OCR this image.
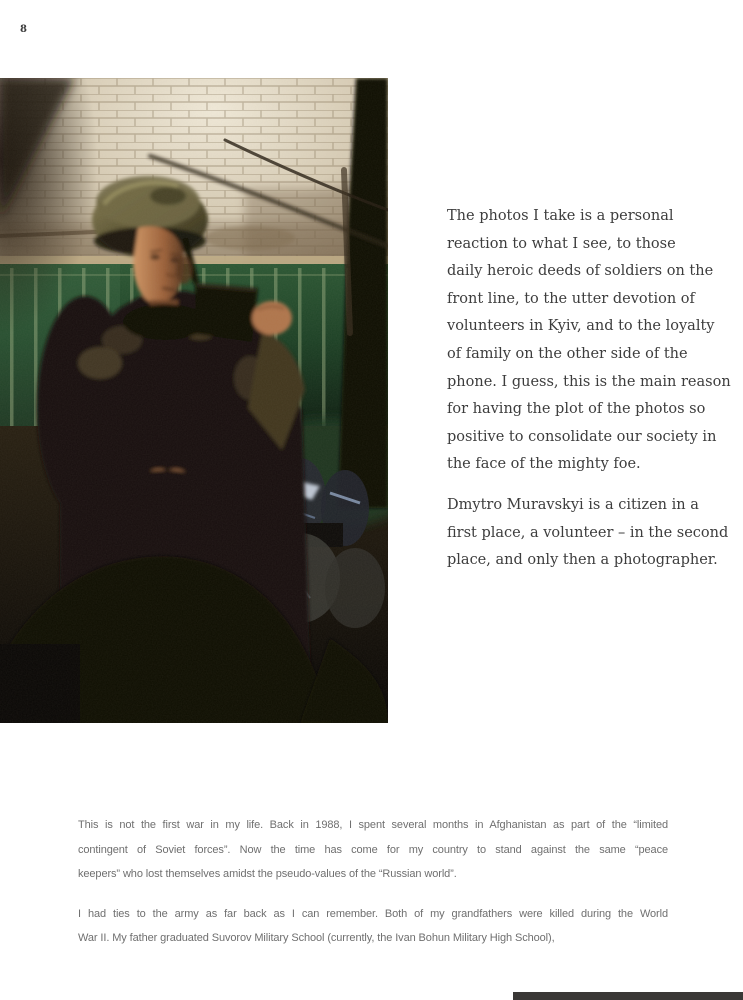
8

The photos I take is a personal
reaction to what I see, to those
daily heroic deeds of soldiers on the
front line, to the utter devotion of
volunteers in Kyiv, and to the loyalty
of family on the other side of the
phone. I guess, this is the main reason
for having the plot of the photos so
positive to consolidate our society in
the face of the mighty foe.

Dmytro Muravskyi is a citizen in a
first place, a volunteer – in the second
place, and only then a photographer.

This is not the first war in my life. Back in 1988, I spent several months in Afghanistan as part of the “limited
contingent of Soviet forces”. Now the time has come for my country to stand against the same “peace
keepers” who lost themselves amidst the pseudo-values of the “Russian world”.

I had ties to the army as far back as I can remember. Both of my grandfathers were killed during the World
War II. My father graduated Suvorov Military School (currently, the Ivan Bohun Military High School),
